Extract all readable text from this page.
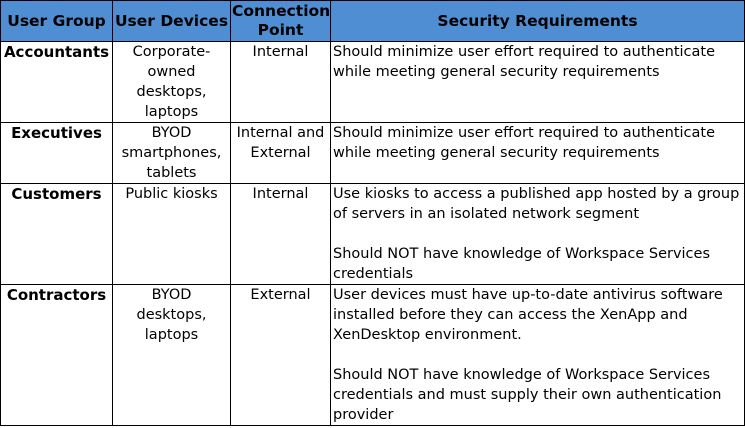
User Group	User Devices	Connection Point	Security Requirements
Accountants	Corporate-owned desktops, laptops	Internal	Should minimize user effort required to authenticate while meeting general security requirements

Executives	BYOD smartphones, tablets	Internal and External	Should minimize user effort required to authenticate while meeting general security requirements

Customers	Public kiosks	Internal	Use kiosks to access a published app hosted by a group of servers in an isolated network segment
Should NOT have knowledge of Workspace Services credentials

Contractors	BYOD desktops, laptops	External	User devices must have up-to-date antivirus software installed before they can access the XenApp and XenDesktop environment.
Should NOT have knowledge of Workspace Services credentials and must supply their own authentication provider
